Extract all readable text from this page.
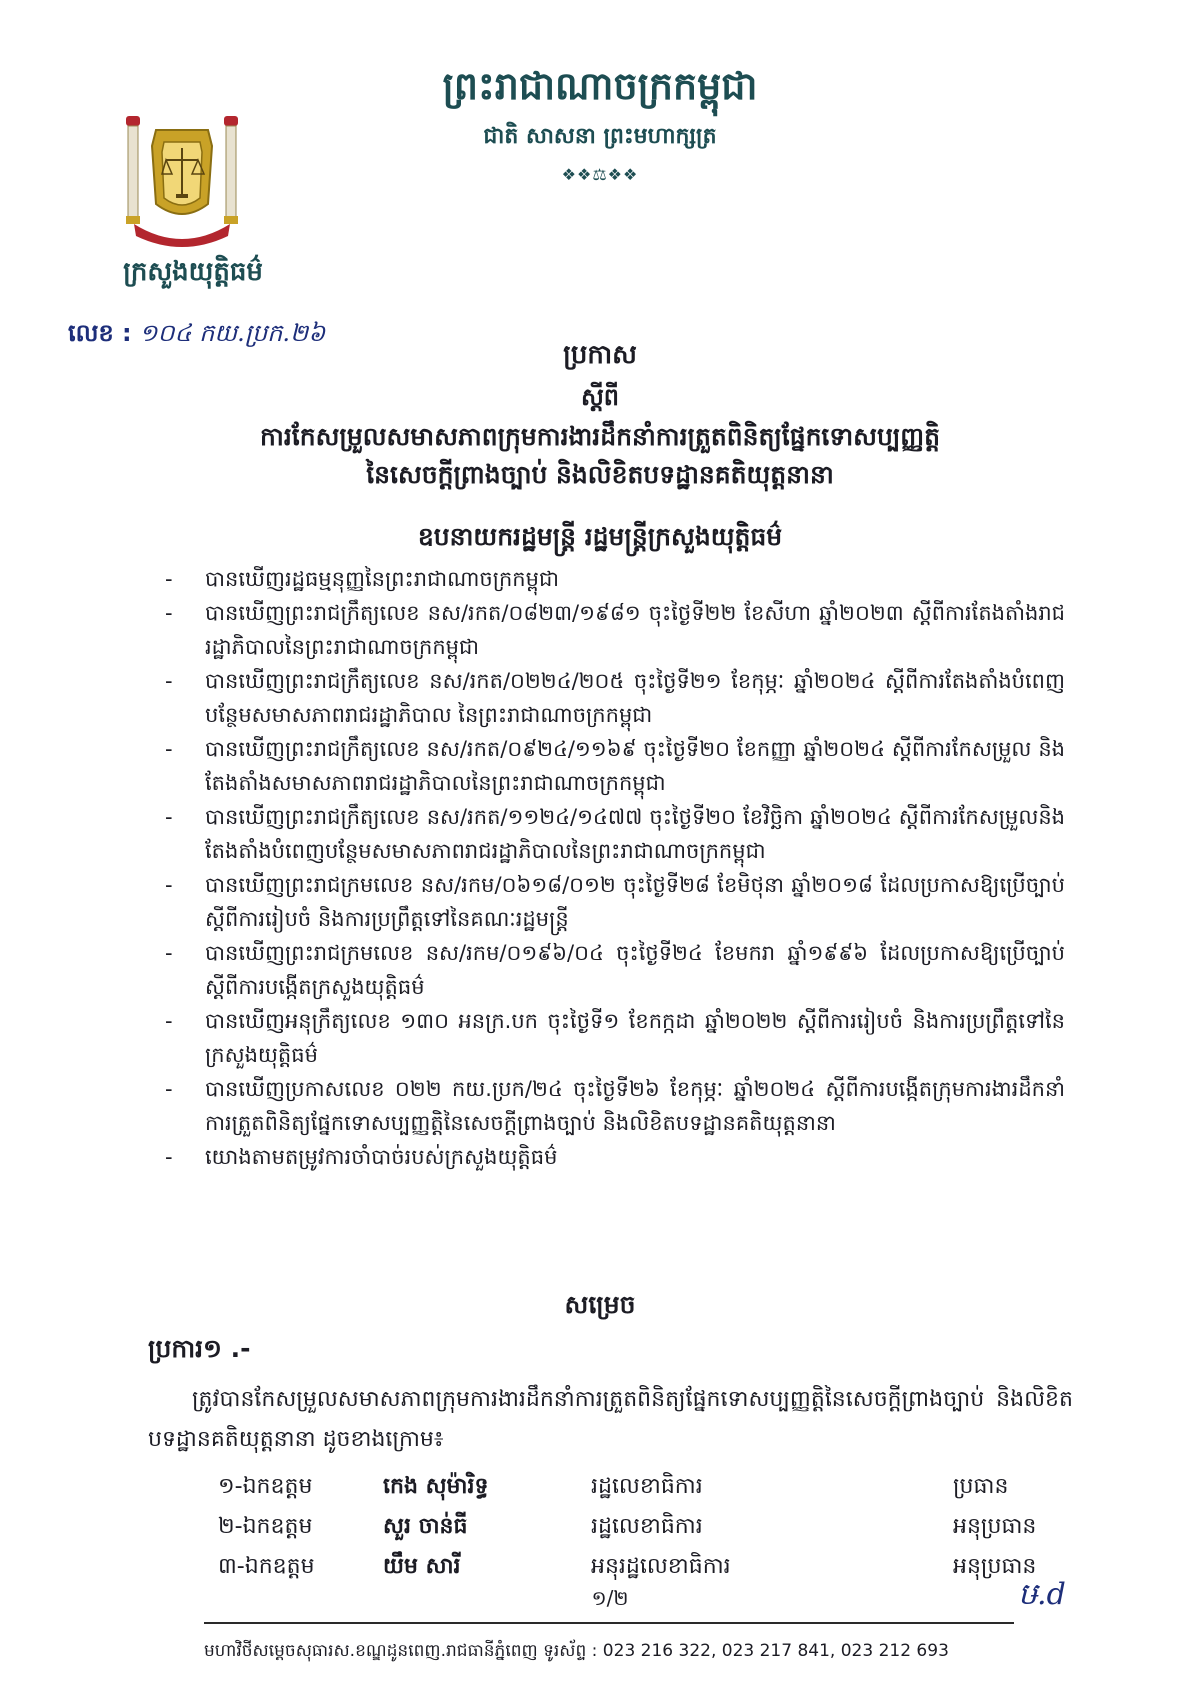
ព្រះរាជាណាចក្រកម្ពុជា
ជាតិ សាសនា ព្រះមហាក្សត្រ
❖❖⚖❖❖
ក្រសួងយុត្តិធម៌
លេខ : ១០៤ កយ.ប្រក.២៦
ប្រកាស
ស្ដីពី
ការកែសម្រួលសមាសភាពក្រុមការងារដឹកនាំការត្រួតពិនិត្យផ្នែកទោសប្បញ្ញត្តិ
នៃសេចក្ដីព្រាងច្បាប់ និងលិខិតបទដ្ឋានគតិយុត្តនានា
ឧបនាយករដ្ឋមន្ត្រី រដ្ឋមន្ត្រីក្រសួងយុត្តិធម៌
- បានឃើញរដ្ឋធម្មនុញ្ញនៃព្រះរាជាណាចក្រកម្ពុជា
- បានឃើញព្រះរាជក្រឹត្យលេខ នស/រកត/០៨២៣/១៩៨១ ចុះថ្ងៃទី២២ ខែសីហា ឆ្នាំ២០២៣ ស្ដីពីការតែងតាំងរាជរដ្ឋាភិបាលនៃព្រះរាជាណាចក្រកម្ពុជា
- បានឃើញព្រះរាជក្រឹត្យលេខ នស/រកត/០២២៤/២០៥ ចុះថ្ងៃទី២១ ខែកុម្ភៈ ឆ្នាំ២០២៤ ស្ដីពីការតែងតាំងបំពេញបន្ថែមសមាសភាពរាជរដ្ឋាភិបាល នៃព្រះរាជាណាចក្រកម្ពុជា
- បានឃើញព្រះរាជក្រឹត្យលេខ នស/រកត/០៩២៤/១១៦៩ ចុះថ្ងៃទី២០ ខែកញ្ញា ឆ្នាំ២០២៤ ស្ដីពីការកែសម្រួល និងតែងតាំងសមាសភាពរាជរដ្ឋាភិបាលនៃព្រះរាជាណាចក្រកម្ពុជា
- បានឃើញព្រះរាជក្រឹត្យលេខ នស/រកត/១១២៤/១៤៧៧ ចុះថ្ងៃទី២០ ខែវិច្ឆិកា ឆ្នាំ២០២៤ ស្ដីពីការកែសម្រួលនិងតែងតាំងបំពេញបន្ថែមសមាសភាពរាជរដ្ឋាភិបាលនៃព្រះរាជាណាចក្រកម្ពុជា
- បានឃើញព្រះរាជក្រមលេខ នស/រកម/០៦១៨/០១២ ចុះថ្ងៃទី២៨ ខែមិថុនា ឆ្នាំ២០១៨ ដែលប្រកាសឱ្យប្រើច្បាប់ស្ដីពីការរៀបចំ និងការប្រព្រឹត្តទៅនៃគណៈរដ្ឋមន្ត្រី
- បានឃើញព្រះរាជក្រមលេខ នស/រកម/០១៩៦/០៤ ចុះថ្ងៃទី២៤ ខែមករា ឆ្នាំ១៩៩៦ ដែលប្រកាសឱ្យប្រើច្បាប់ស្ដីពីការបង្កើតក្រសួងយុត្តិធម៌
- បានឃើញអនុក្រឹត្យលេខ ១៣០ អនក្រ.បក ចុះថ្ងៃទី១ ខែកក្កដា ឆ្នាំ២០២២ ស្ដីពីការរៀបចំ និងការប្រព្រឹត្តទៅនៃក្រសួងយុត្តិធម៌
- បានឃើញប្រកាសលេខ ០២២ កយ.ប្រក/២៤ ចុះថ្ងៃទី២៦ ខែកុម្ភៈ ឆ្នាំ២០២៤ ស្ដីពីការបង្កើតក្រុមការងារដឹកនាំការត្រួតពិនិត្យផ្នែកទោសប្បញ្ញត្តិនៃសេចក្ដីព្រាងច្បាប់ និងលិខិតបទដ្ឋានគតិយុត្តនានា
- យោងតាមតម្រូវការចាំបាច់របស់ក្រសួងយុត្តិធម៌
សម្រេច
ប្រការ១ .-
ត្រូវបានកែសម្រួលសមាសភាពក្រុមការងារដឹកនាំការត្រួតពិនិត្យផ្នែកទោសប្បញ្ញត្តិនៃសេចក្ដីព្រាងច្បាប់ និងលិខិតបទដ្ឋានគតិយុត្តនានា ដូចខាងក្រោម៖
១-ឯកឧត្តម	កេង សុម៉ារិទ្ធ	រដ្ឋលេខាធិការ	ប្រធាន
២-ឯកឧត្តម	សួរ ចាន់ធី	រដ្ឋលេខាធិការ	អនុប្រធាន
៣-ឯកឧត្តម	យឹម សារី	អនុរដ្ឋលេខាធិការ	អនុប្រធាន
១/២	ឞ.d
មហាវិថីសម្ដេចសុធារស.ខណ្ឌដូនពេញ.រាជធានីភ្នំពេញ ទូរស័ព្ទ : 023 216 322, 023 217 841, 023 212 693
